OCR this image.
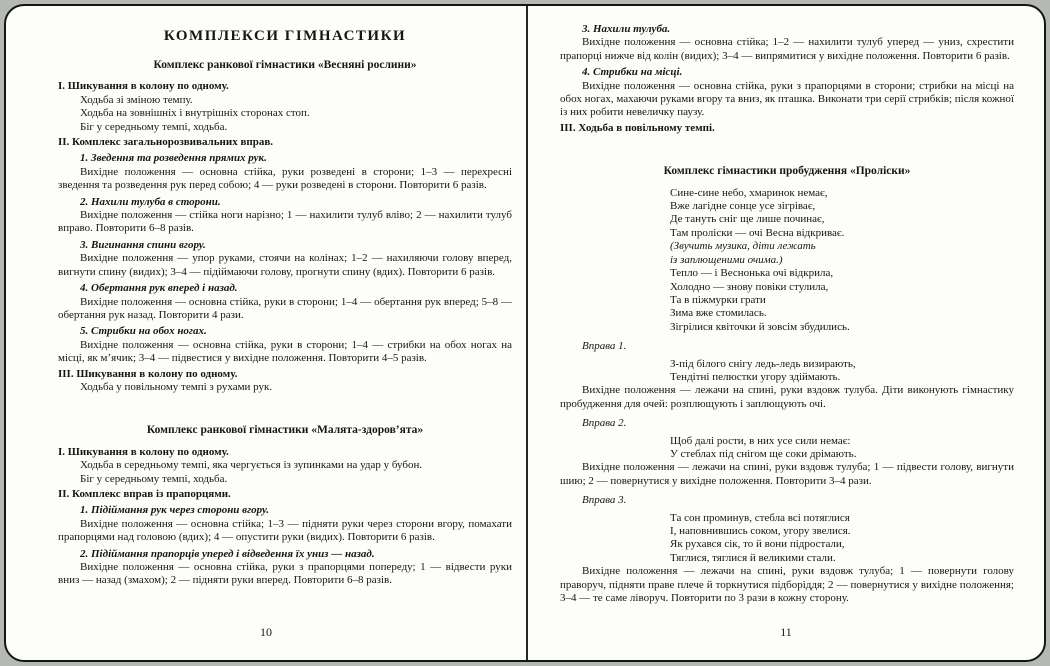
КОМПЛЕКСИ ГІМНАСТИКИ
Комплекс ранкової гімнастики «Весняні рослини»
I. Шикування в колону по одному.
Ходьба зі зміною темпу.
Ходьба на зовнішніх і внутрішніх сторонах стоп.
Біг у середньому темпі, ходьба.
II. Комплекс загальнорозвивальних вправ.
1. Зведення та розведення прямих рук.
Вихідне положення — основна стійка, руки розведені в сторони; 1–3 — перехресні зведення та розведення рук перед собою; 4 — руки розведені в сторони. Повторити 6 разів.
2. Нахили тулуба в сторони.
Вихідне положення — стійка ноги нарізно; 1 — нахилити тулуб вліво; 2 — нахилити тулуб вправо. Повторити 6–8 разів.
3. Вигинання спини вгору.
Вихідне положення — упор руками, стоячи на колінах; 1–2 — нахиляючи голову вперед, вигнути спину (видих); 3–4 — підіймаючи голову, прогнути спину (вдих). Повторити 6 разів.
4. Обертання рук вперед і назад.
Вихідне положення — основна стійка, руки в сторони; 1–4 — обертання рук вперед; 5–8 — обертання рук назад. Повторити 4 рази.
5. Стрибки на обох ногах.
Вихідне положення — основна стійка, руки в сторони; 1–4 — стрибки на обох ногах на місці, як м’ячик; 3–4 — підвестися у вихідне положення. Повторити 4–5 разів.
III. Шикування в колону по одному.
Ходьба у повільному темпі з рухами рук.
Комплекс ранкової гімнастики «Малята-здоров’ята»
I. Шикування в колону по одному.
Ходьба в середньому темпі, яка чергується із зупинками на удар у бубон.
Біг у середньому темпі, ходьба.
II. Комплекс вправ із прапорцями.
1. Підіймання рук через сторони вгору.
Вихідне положення — основна стійка; 1–3 — підняти руки через сторони вгору, помахати прапорцями над головою (вдих); 4 — опустити руки (видих). Повторити 6 разів.
2. Підіймання прапорців уперед і відведення їх униз — назад.
Вихідне положення — основна стійка, руки з прапорцями попереду; 1 — відвести руки вниз — назад (змахом); 2 — підняти руки вперед. Повторити 6–8 разів.
10
3. Нахили тулуба.
Вихідне положення — основна стійка; 1–2 — нахилити тулуб уперед — униз, схрестити прапорці нижче від колін (видих); 3–4 — випрямитися у вихідне положення. Повторити 6 разів.
4. Стрибки на місці.
Вихідне положення — основна стійка, руки з прапорцями в сторони; стрибки на місці на обох ногах, махаючи руками вгору та вниз, як пташка. Виконати три серії стрибків; після кожної із них робити невеличку паузу.
III. Ходьба в повільному темпі.
Комплекс гімнастики пробудження «Проліски»
Сине-сине небо, хмаринок немає,
Вже лагідне сонце усе зігріває,
Де тануть сніг ще лише починає,
Там проліски — очі Весна відкриває.
(Звучить музика, діти лежать
із заплющеними очима.)
Тепло — і Веснонька очі відкрила,
Холодно — знову повіки стулила,
Та в піжмурки грати
Зима вже стомилась.
Зігрілися квіточки й зовсім збудились.
Вправа 1.
З-під білого снігу ледь-ледь визирають,
Тендітні пелюстки угору здіймають.
Вихідне положення — лежачи на спині, руки вздовж тулуба. Діти виконують гімнастику пробудження для очей: розплющують і заплющують очі.
Вправа 2.
Щоб далі рости, в них усе сили немає:
У стеблах під снігом ще соки дрімають.
Вихідне положення — лежачи на спині, руки вздовж тулуба; 1 — підвести голову, вигнути шию; 2 — повернутися у вихідне положення. Повторити 3–4 рази.
Вправа 3.
Та сон проминув, стебла всі потяглися
І, наповнившись соком, угору звелися.
Як рухався сік, то й вони підростали,
Тяглися, тяглися й великими стали.
Вихідне положення — лежачи на спині, руки вздовж тулуба; 1 — повернути голову праворуч, підняти праве плече й торкнутися підборіддя; 2 — повернутися у вихідне положення; 3–4 — те саме ліворуч. Повторити по 3 рази в кожну сторону.
11
